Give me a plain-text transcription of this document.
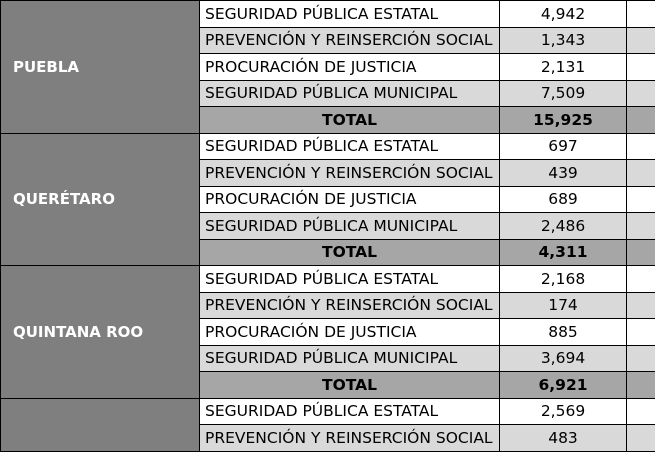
PUEBLA	SEGURIDAD PÚBLICA ESTATAL	4,942	
	PREVENCIÓN Y REINSERCIÓN SOCIAL	1,343	
	PROCURACIÓN DE JUSTICIA	2,131	
	SEGURIDAD PÚBLICA MUNICIPAL	7,509	
	TOTAL	15,925	
QUERÉTARO	SEGURIDAD PÚBLICA ESTATAL	697	
	PREVENCIÓN Y REINSERCIÓN SOCIAL	439	
	PROCURACIÓN DE JUSTICIA	689	
	SEGURIDAD PÚBLICA MUNICIPAL	2,486	
	TOTAL	4,311	
QUINTANA ROO	SEGURIDAD PÚBLICA ESTATAL	2,168	
	PREVENCIÓN Y REINSERCIÓN SOCIAL	174	
	PROCURACIÓN DE JUSTICIA	885	
	SEGURIDAD PÚBLICA MUNICIPAL	3,694	
	TOTAL	6,921	
	SEGURIDAD PÚBLICA ESTATAL	2,569	
	PREVENCIÓN Y REINSERCIÓN SOCIAL	483	
